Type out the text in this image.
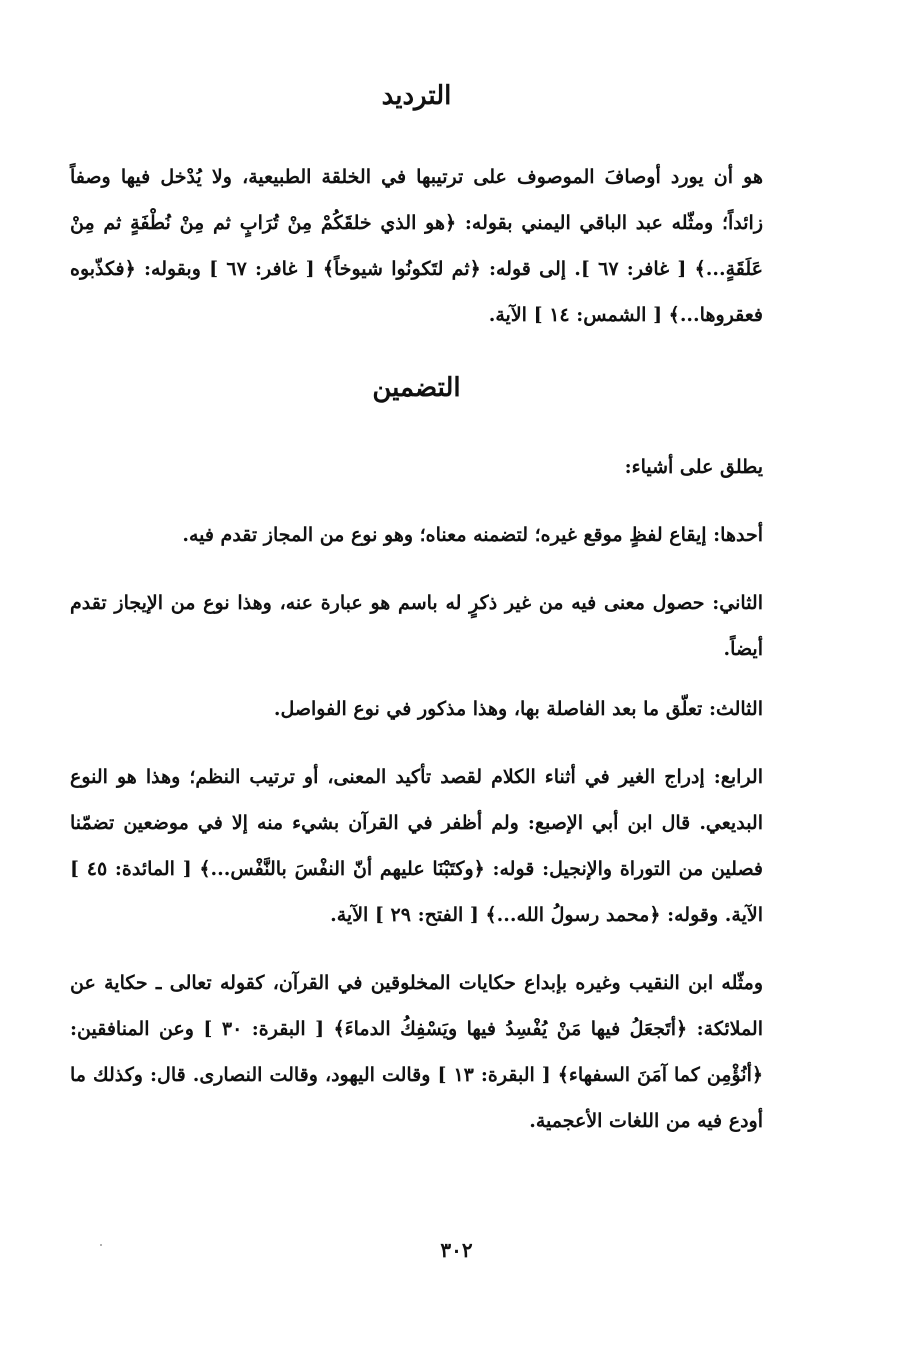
الترديد

هو أن يورد أوصافَ الموصوف على ترتيبها في الخلقة الطبيعية، ولا يُدْخل فيها وصفاً زائداً؛ ومثّله عبد الباقي اليمني بقوله: ﴿هو الذي خلقَكُمْ مِنْ تُرَابٍ ثم مِنْ نُطْفَةٍ ثم مِنْ عَلَقَةٍ...﴾ [ غافر: ٦٧ ]. إلى قوله: ﴿ثم لتَكونُوا شيوخاً﴾ [ غافر: ٦٧ ] وبقوله: ﴿فكذّبوه فعقروها...﴾ [ الشمس: ١٤ ] الآية.

التضمين

يطلق على أشياء:

أحدها: إيقاع لفظٍ موقع غيره؛ لتضمنه معناه؛ وهو نوع من المجاز تقدم فيه.

الثاني: حصول معنى فيه من غير ذكرٍ له باسم هو عبارة عنه، وهذا نوع من الإيجاز تقدم أيضاً.

الثالث: تعلّق ما بعد الفاصلة بها، وهذا مذكور في نوع الفواصل.

الرابع: إدراج الغير في أثناء الكلام لقصد تأكيد المعنى، أو ترتيب النظم؛ وهذا هو النوع البديعي. قال ابن أبي الإصبع: ولم أظفر في القرآن بشيء منه إلا في موضعين تضمّنا فصلين من التوراة والإنجيل: قوله: ﴿وكتَبْنَا عليهم أنّ النفْسَ بالنَّفْس...﴾ [ المائدة: ٤٥ ] الآية. وقوله: ﴿محمد رسولُ الله...﴾ [ الفتح: ٢٩ ] الآية.

ومثّله ابن النقيب وغيره بإبداع حكايات المخلوقين في القرآن، كقوله تعالى ـ حكاية عن الملائكة: ﴿أتَجعَلُ فيها مَنْ يُفْسِدُ فيها ويَسْفِكُ الدماءَ﴾ [ البقرة: ٣٠ ] وعن المنافقين: ﴿أنُؤْمِن كما آمَنَ السفهاء﴾ [ البقرة: ١٣ ] وقالت اليهود، وقالت النصارى. قال: وكذلك ما أودع فيه من اللغات الأعجمية.

٣٠٢
